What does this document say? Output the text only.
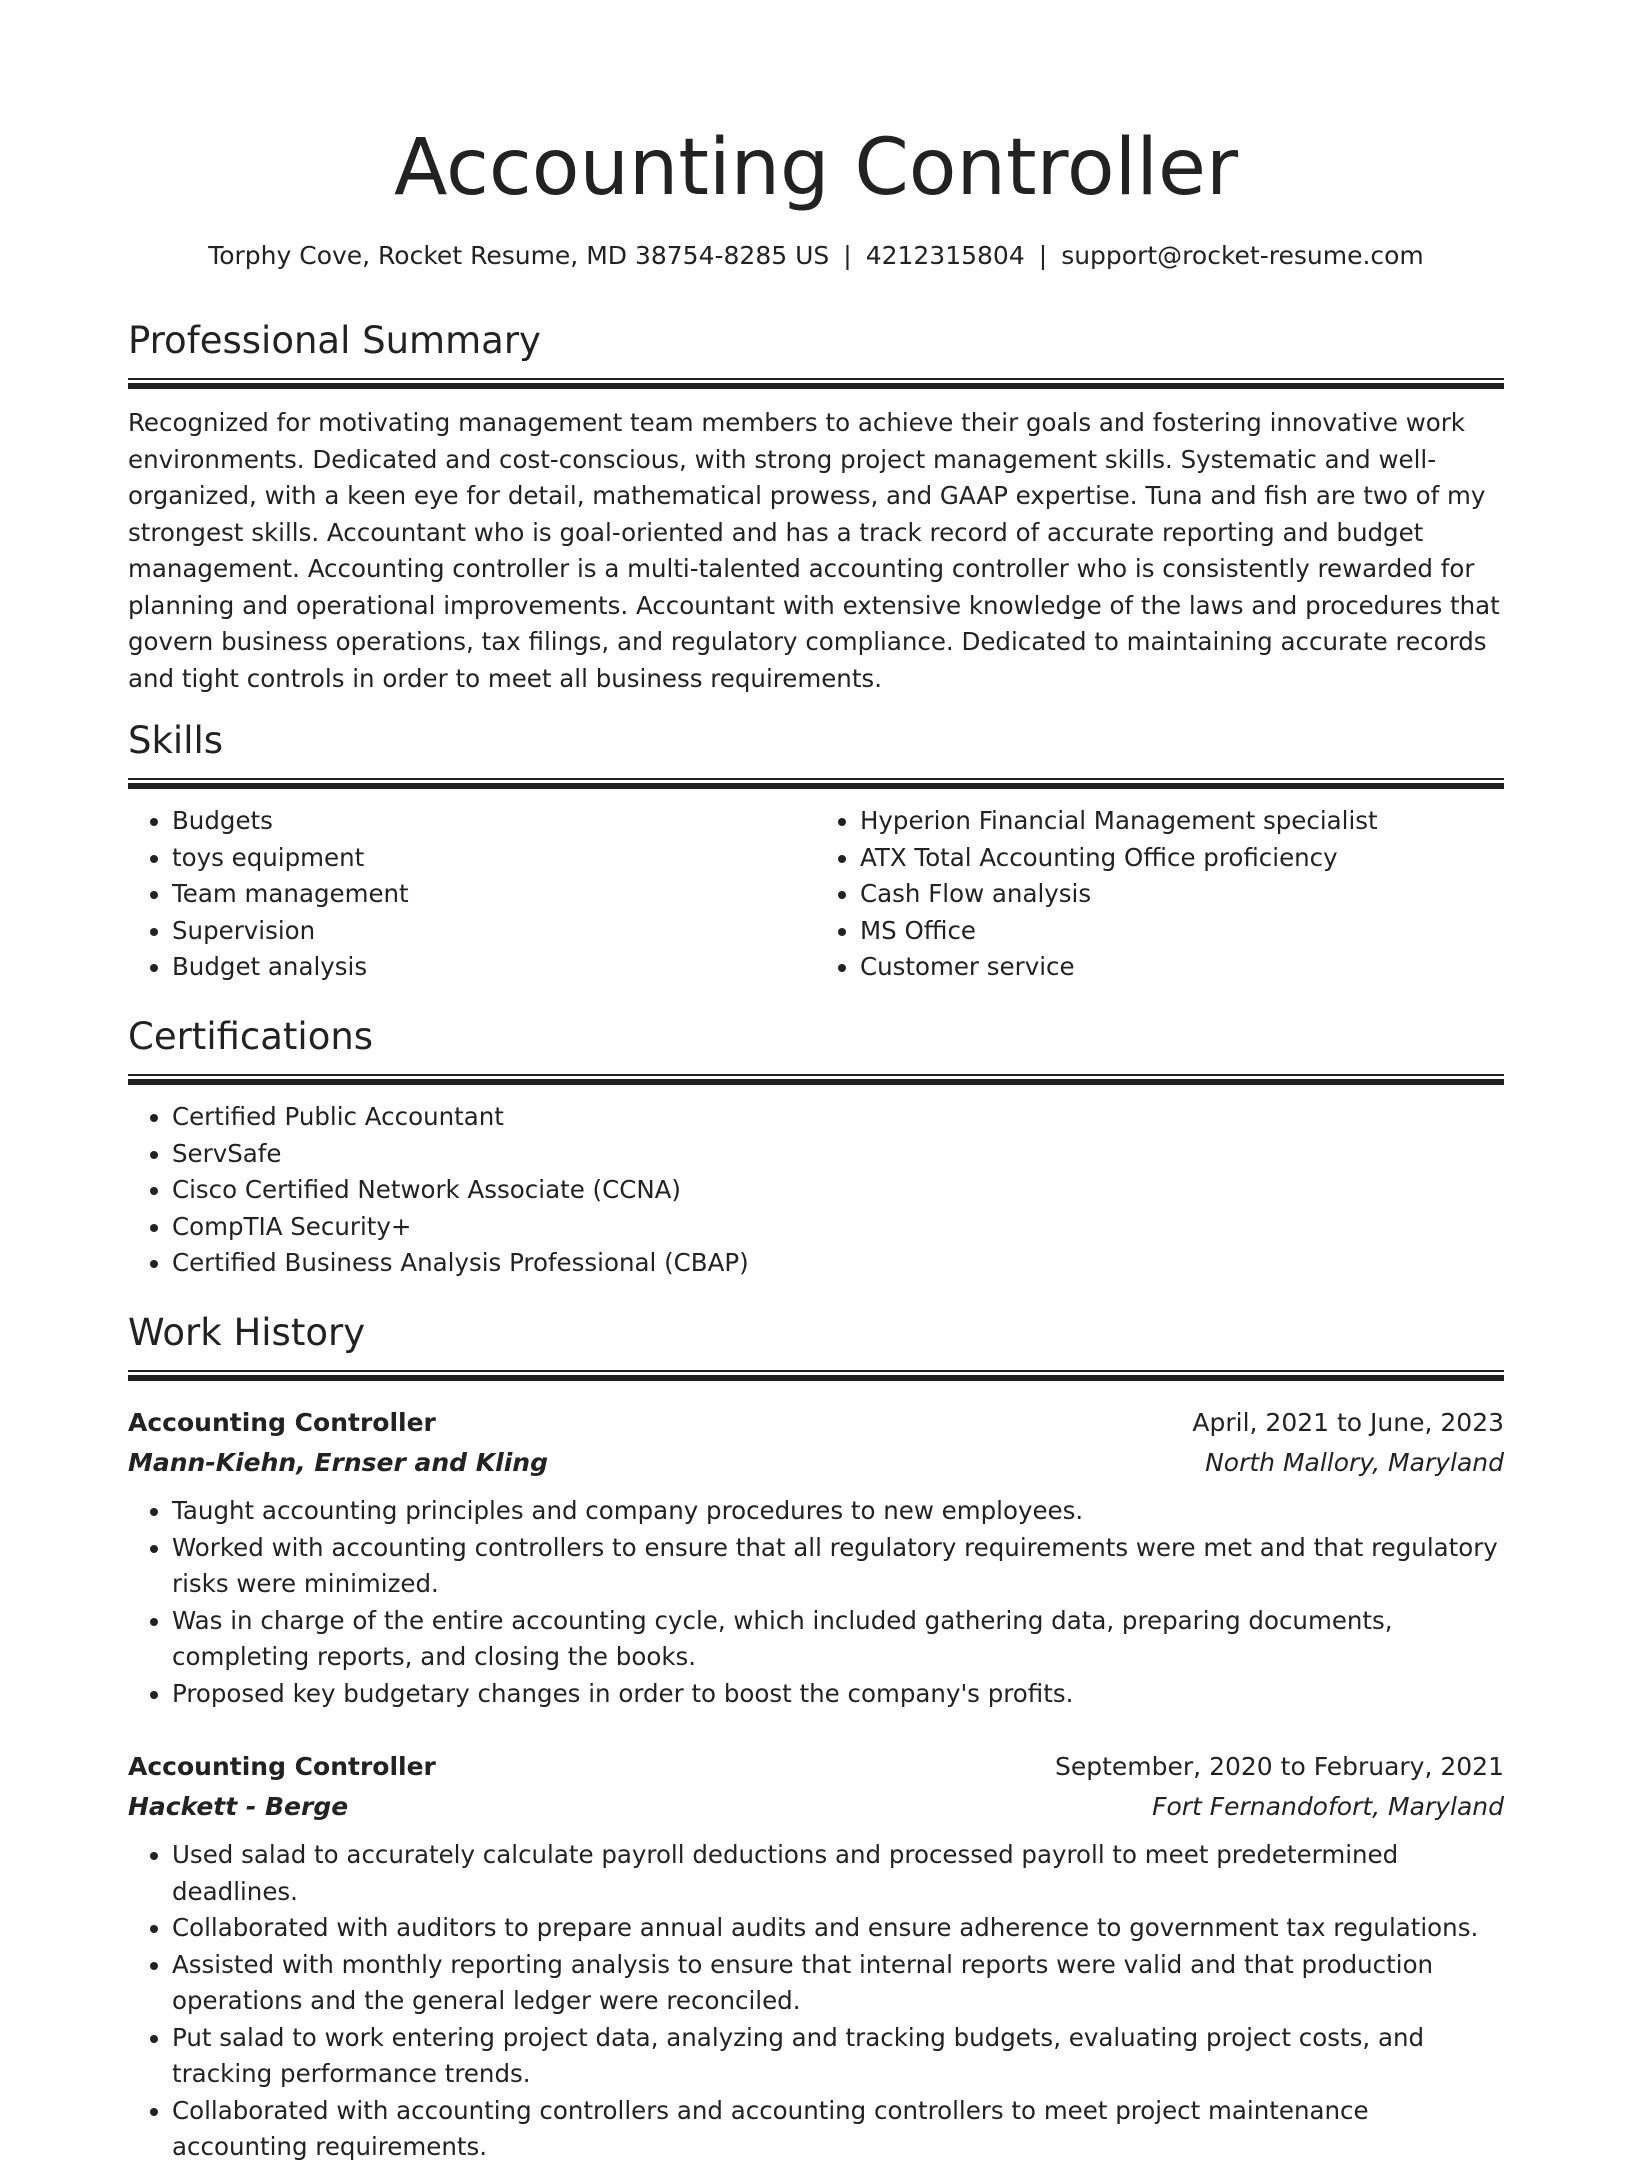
Accounting Controller
Torphy Cove, Rocket Resume, MD 38754-8285 US | 4212315804 | support@rocket-resume.com
Professional Summary

Recognized for motivating management team members to achieve their goals and fostering innovative work environments. Dedicated and cost-conscious, with strong project management skills. Systematic and well-organized, with a keen eye for detail, mathematical prowess, and GAAP expertise. Tuna and fish are two of my strongest skills. Accountant who is goal-oriented and has a track record of accurate reporting and budget management. Accounting controller is a multi-talented accounting controller who is consistently rewarded for planning and operational improvements. Accountant with extensive knowledge of the laws and procedures that govern business operations, tax filings, and regulatory compliance. Dedicated to maintaining accurate records and tight controls in order to meet all business requirements.

Skills
• Budgets
• toys equipment
• Team management
• Supervision
• Budget analysis
• Hyperion Financial Management specialist
• ATX Total Accounting Office proficiency
• Cash Flow analysis
• MS Office
• Customer service
Certifications
• Certified Public Accountant
• ServSafe
• Cisco Certified Network Associate (CCNA)
• CompTIA Security+
• Certified Business Analysis Professional (CBAP)
Work History
Accounting Controller	April, 2021 to June, 2023
Mann-Kiehn, Ernser and Kling	North Mallory, Maryland
• Taught accounting principles and company procedures to new employees.
• Worked with accounting controllers to ensure that all regulatory requirements were met and that regulatory risks were minimized.
• Was in charge of the entire accounting cycle, which included gathering data, preparing documents, completing reports, and closing the books.
• Proposed key budgetary changes in order to boost the company's profits.
Accounting Controller	September, 2020 to February, 2021
Hackett - Berge	Fort Fernandofort, Maryland
• Used salad to accurately calculate payroll deductions and processed payroll to meet predetermined deadlines.
• Collaborated with auditors to prepare annual audits and ensure adherence to government tax regulations.
• Assisted with monthly reporting analysis to ensure that internal reports were valid and that production operations and the general ledger were reconciled.
• Put salad to work entering project data, analyzing and tracking budgets, evaluating project costs, and tracking performance trends.
• Collaborated with accounting controllers and accounting controllers to meet project maintenance accounting requirements.
